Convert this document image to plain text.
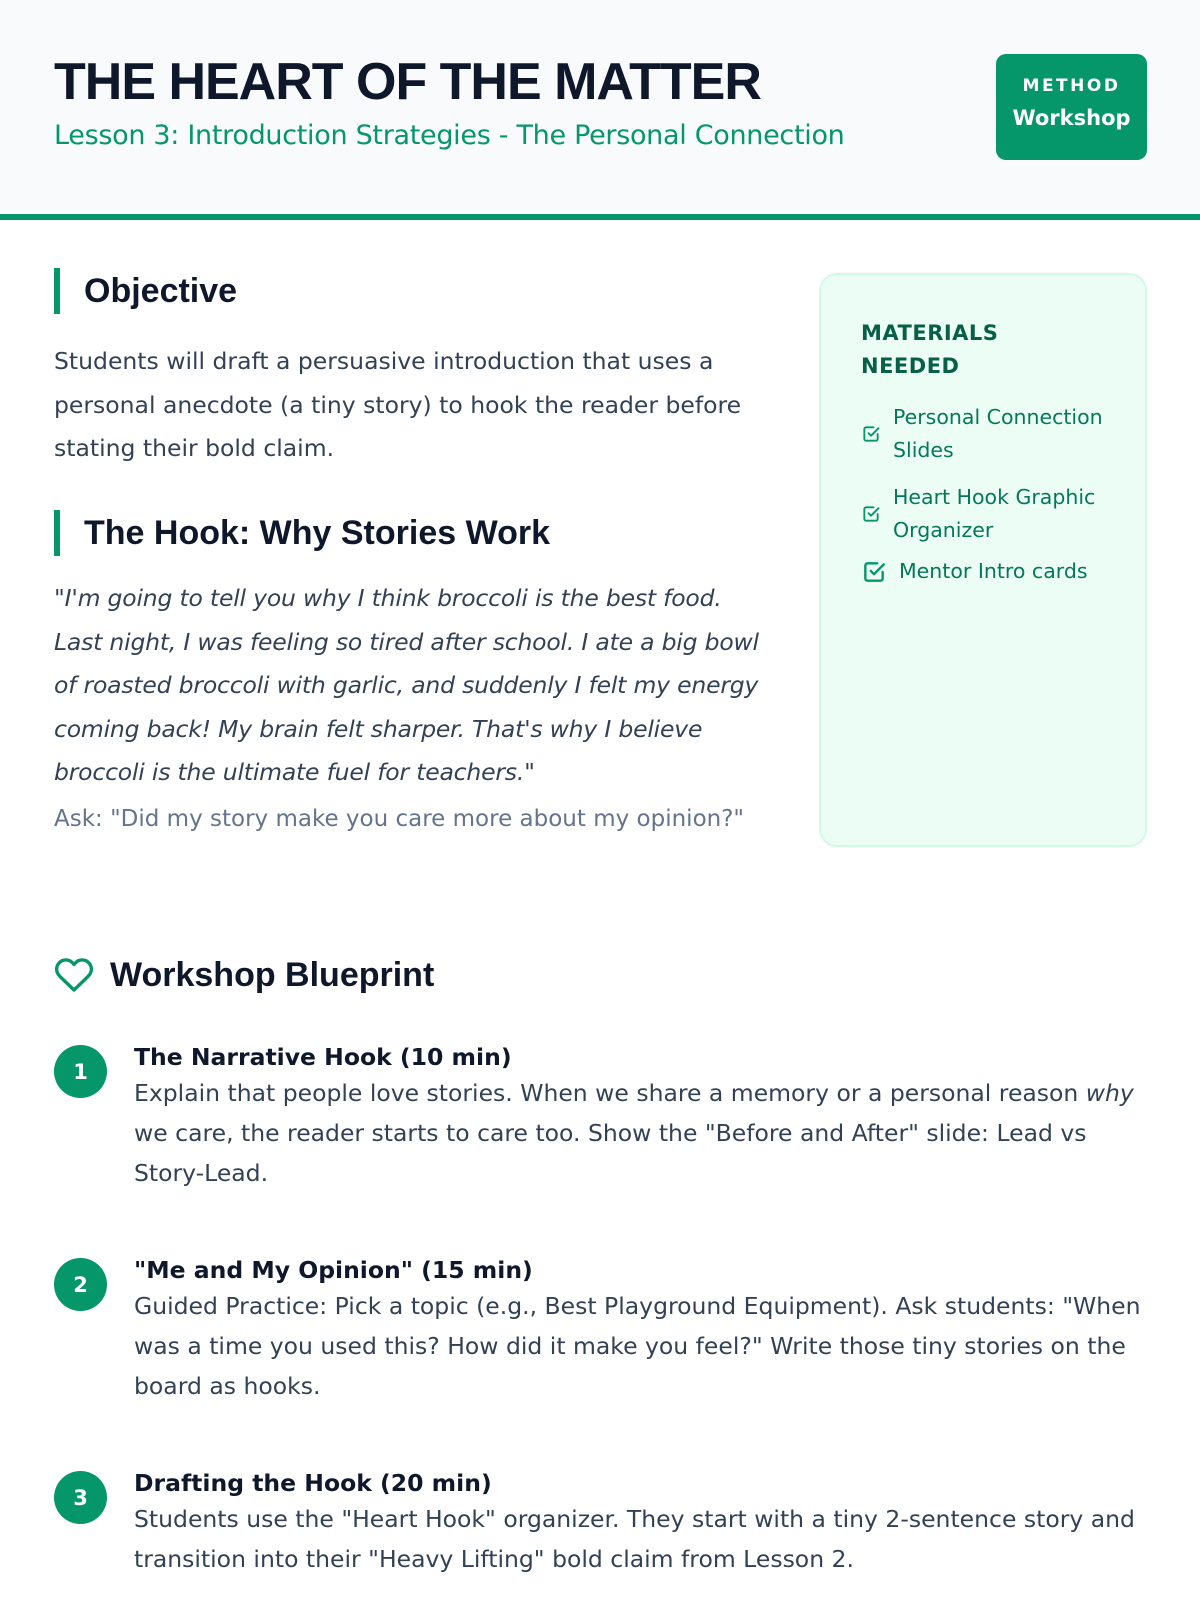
THE HEART OF THE MATTER
Lesson 3: Introduction Strategies - The Personal Connection
METHOD
Workshop
Objective
Students will draft a persuasive introduction that uses a personal anecdote (a tiny story) to hook the reader before stating their bold claim.
The Hook: Why Stories Work
"I'm going to tell you why I think broccoli is the best food. Last night, I was feeling so tired after school. I ate a big bowl of roasted broccoli with garlic, and suddenly I felt my energy coming back! My brain felt sharper. That's why I believe broccoli is the ultimate fuel for teachers."
Ask: "Did my story make you care more about my opinion?"
MATERIALS NEEDED
Personal Connection Slides
Heart Hook Graphic Organizer
Mentor Intro cards
Workshop Blueprint
1
The Narrative Hook (10 min)
Explain that people love stories. When we share a memory or a personal reason why we care, the reader starts to care too. Show the "Before and After" slide: Lead vs Story-Lead.
2
"Me and My Opinion" (15 min)
Guided Practice: Pick a topic (e.g., Best Playground Equipment). Ask students: "When was a time you used this? How did it make you feel?" Write those tiny stories on the board as hooks.
3
Drafting the Hook (20 min)
Students use the "Heart Hook" organizer. They start with a tiny 2-sentence story and transition into their "Heavy Lifting" bold claim from Lesson 2.
